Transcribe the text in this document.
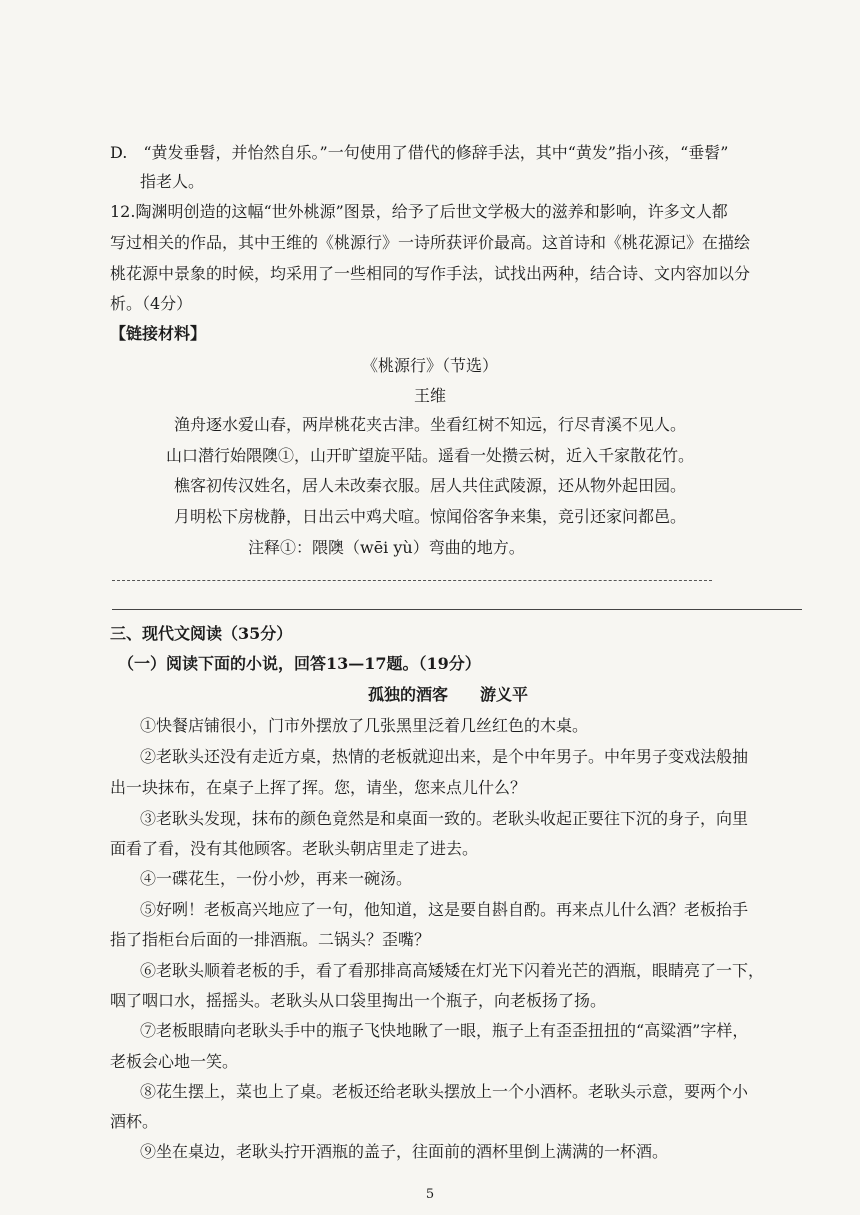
D.　“黄发垂髫，并怡然自乐。”一句使用了借代的修辞手法，其中“黄发”指小孩，“垂髫”
指老人。
12.陶渊明创造的这幅“世外桃源”图景，给予了后世文学极大的滋养和影响，许多文人都
写过相关的作品，其中王维的《桃源行》一诗所获评价最高。这首诗和《桃花源记》在描绘
桃花源中景象的时候，均采用了一些相同的写作手法，试找出两种，结合诗、文内容加以分
析。（4分）
【链接材料】
《桃源行》（节选）
王维
渔舟逐水爱山春，两岸桃花夹古津。坐看红树不知远，行尽青溪不见人。
山口潜行始隈隩①，山开旷望旋平陆。遥看一处攒云树，近入千家散花竹。
樵客初传汉姓名，居人未改秦衣服。居人共住武陵源，还从物外起田园。
月明松下房栊静，日出云中鸡犬喧。惊闻俗客争来集，竞引还家问都邑。
注释①：隈隩（wēi yù）弯曲的地方。
三、现代文阅读（35分）
（一）阅读下面的小说，回答13—17题。（19分）
孤独的酒客　　游义平
①快餐店铺很小，门市外摆放了几张黑里泛着几丝红色的木桌。
②老耿头还没有走近方桌，热情的老板就迎出来，是个中年男子。中年男子变戏法般抽
出一块抹布，在桌子上挥了挥。您，请坐，您来点儿什么？
③老耿头发现，抹布的颜色竟然是和桌面一致的。老耿头收起正要往下沉的身子，向里
面看了看，没有其他顾客。老耿头朝店里走了进去。
④一碟花生，一份小炒，再来一碗汤。
⑤好咧！老板高兴地应了一句，他知道，这是要自斟自酌。再来点儿什么酒？老板抬手
指了指柜台后面的一排酒瓶。二锅头？歪嘴？
⑥老耿头顺着老板的手，看了看那排高高矮矮在灯光下闪着光芒的酒瓶，眼睛亮了一下，
咽了咽口水，摇摇头。老耿头从口袋里掏出一个瓶子，向老板扬了扬。
⑦老板眼睛向老耿头手中的瓶子飞快地瞅了一眼，瓶子上有歪歪扭扭的“高粱酒”字样，
老板会心地一笑。
⑧花生摆上，菜也上了桌。老板还给老耿头摆放上一个小酒杯。老耿头示意，要两个小
酒杯。
⑨坐在桌边，老耿头拧开酒瓶的盖子，往面前的酒杯里倒上满满的一杯酒。
5
